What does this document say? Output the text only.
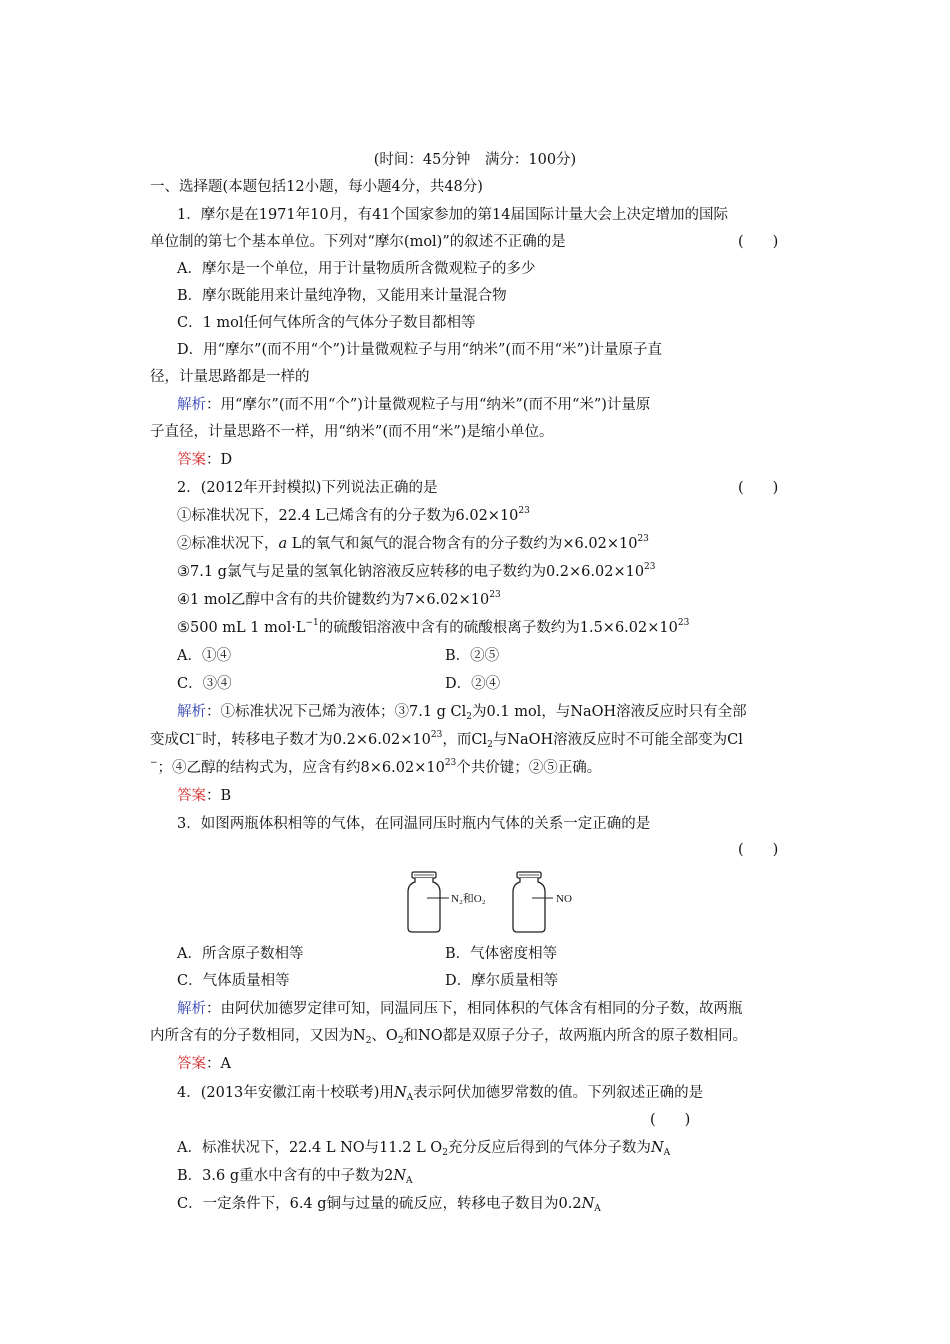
(时间：45分钟　满分：100分)
一、选择题(本题包括12小题，每小题4分，共48分)
1．摩尔是在1971年10月，有41个国家参加的第14届国际计量大会上决定增加的国际
单位制的第七个基本单位。下列对“摩尔(mol)”的叙述不正确的是	(　　)
A．摩尔是一个单位，用于计量物质所含微观粒子的多少
B．摩尔既能用来计量纯净物，又能用来计量混合物
C．1 mol任何气体所含的气体分子数目都相等
D．用“摩尔”(而不用“个”)计量微观粒子与用“纳米”(而不用“米”)计量原子直
径，计量思路都是一样的
解析：用“摩尔”(而不用“个”)计量微观粒子与用“纳米”(而不用“米”)计量原
子直径，计量思路不一样，用“纳米”(而不用“米”)是缩小单位。
答案：D
2．(2012年开封模拟)下列说法正确的是	(　　)
①标准状况下，22.4 L己烯含有的分子数为$6.02\times 10^{23}$
②标准状况下，a L的氧气和氮气的混合物含有的分子数约为$\times 6.02\times 10^{23}$
③7.1 g氯气与足量的氢氧化钠溶液反应转移的电子数约为$0.2\times 6.02\times 10^{23}$
④1 mol乙醇中含有的共价键数约为$7\times 6.02\times 10^{23}$
⑤500 mL 1 $mol\cdot L^{-1}$的硫酸铝溶液中含有的硫酸根离子数约为$1.5\times 6.02\times 10^{23}$
A．①④	B．②⑤
C．③④	D．②④
解析：①标准状况下己烯为液体；③7.1 g $Cl_2$为0.1 mol，与NaOH溶液反应时只有全部
变成Cl−时，转移电子数才为$0.2\times 6.02\times 10^{23}$，而$Cl_2$与NaOH溶液反应时不可能全部变为Cl
−；④乙醇的结构式为，应含有约$8\times 6.02\times 10^{23}$个共价键；②⑤正确。
答案：B
3．如图两瓶体积相等的气体，在同温同压时瓶内气体的关系一定正确的是
(　　)
N₂和O₂	NO
A．所含原子数相等	B．气体密度相等
C．气体质量相等	D．摩尔质量相等
解析：由阿伏加德罗定律可知，同温同压下，相同体积的气体含有相同的分子数，故两瓶
内所含有的分子数相同，又因为$N_2$、$O_2$和NO都是双原子分子，故两瓶内所含的原子数相同。
答案：A
4．(2013年安徽江南十校联考)用$N_A$表示阿伏加德罗常数的值。下列叙述正确的是
(　　)
A．标准状况下，22.4 L NO与11.2 L $O_2$充分反应后得到的气体分子数为$N_A$
B．3.6 g重水中含有的中子数为$2N_A$
C．一定条件下，6.4 g铜与过量的硫反应，转移电子数目为$0.2N_A$
